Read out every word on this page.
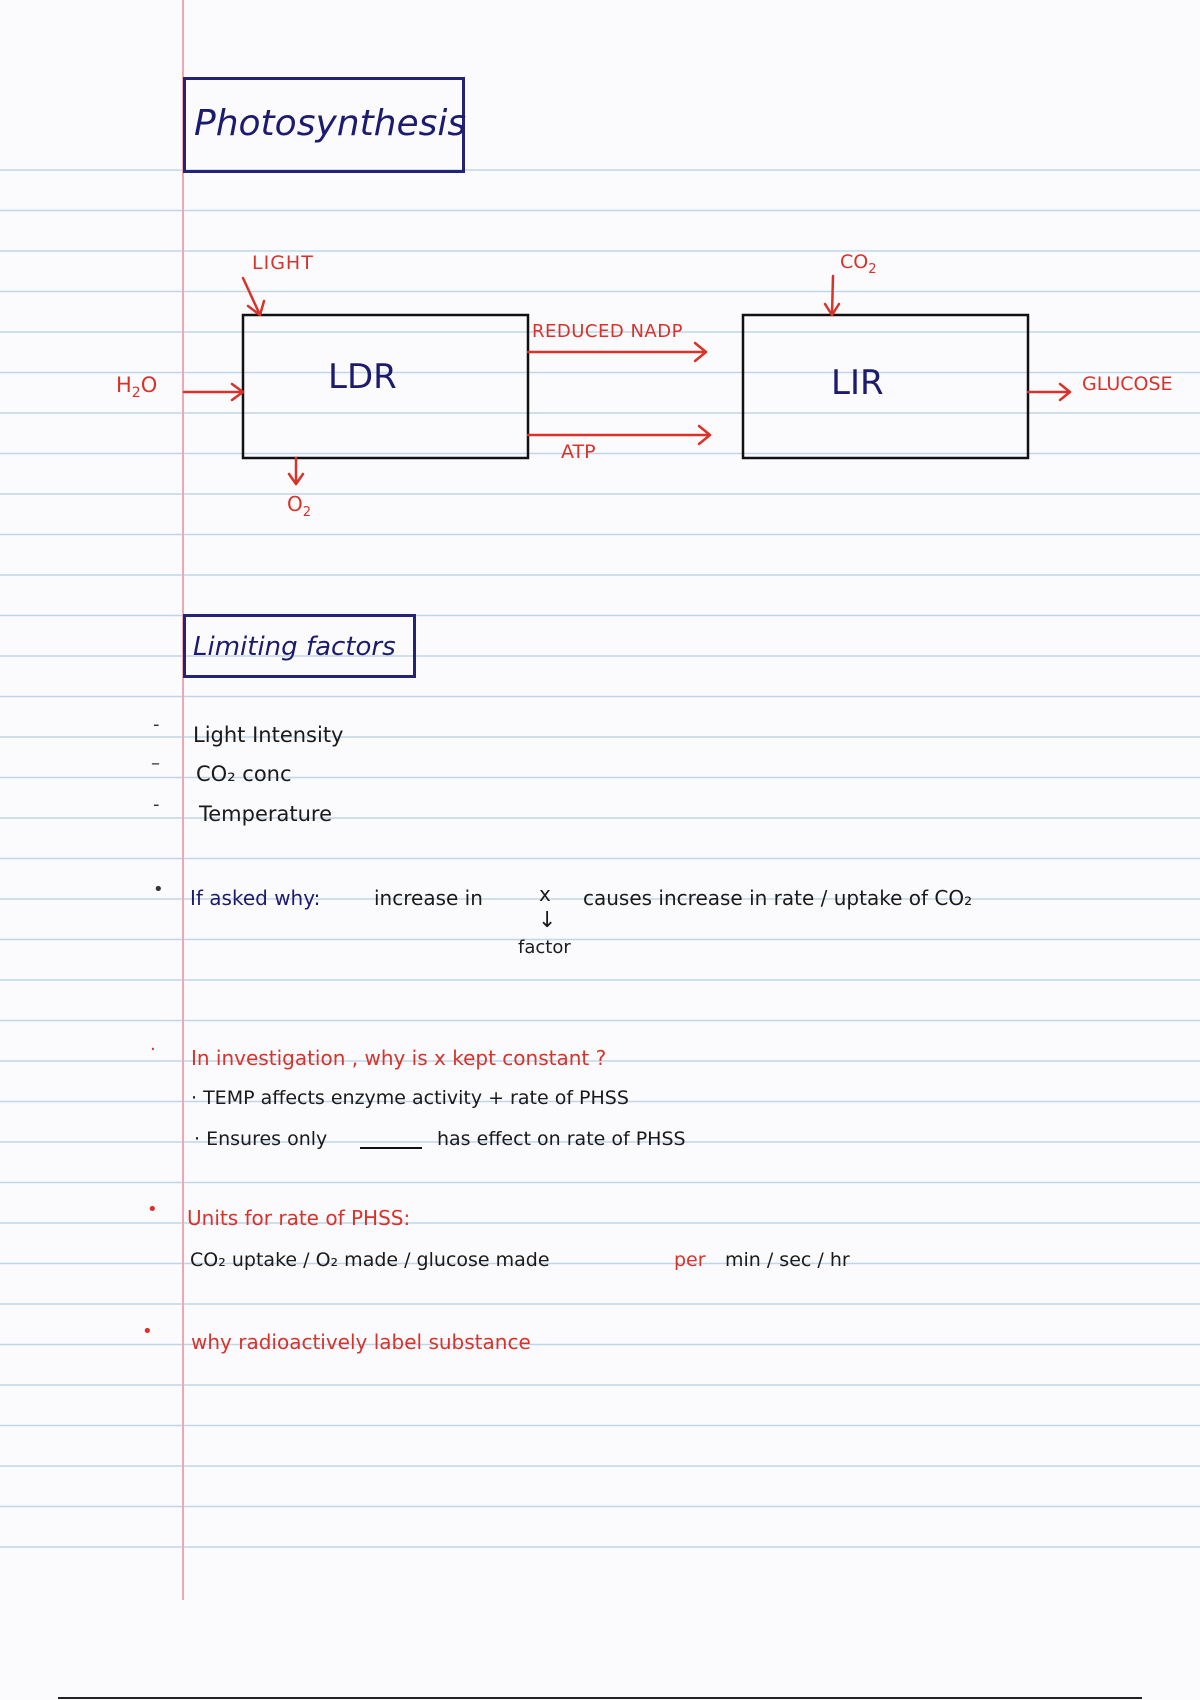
Photosynthesis
LIGHT	$CO_2$
$H_2O$	LDR	LIR
REDUCED NADP
ATP
GLUCOSE
$O_2$
Limiting factors
- Light Intensity
– CO₂ conc
- Temperature
• If asked why:	increase in	x causes increase in rate / uptake of CO₂
↓
factor
· In investigation , why is x kept constant ?
· TEMP affects enzyme activity + rate of PHSS
· Ensures only	has effect on rate of PHSS
• Units for rate of PHSS:
CO₂ uptake / O₂ made / glucose made	per min / sec / hr
• why radioactively label substance
